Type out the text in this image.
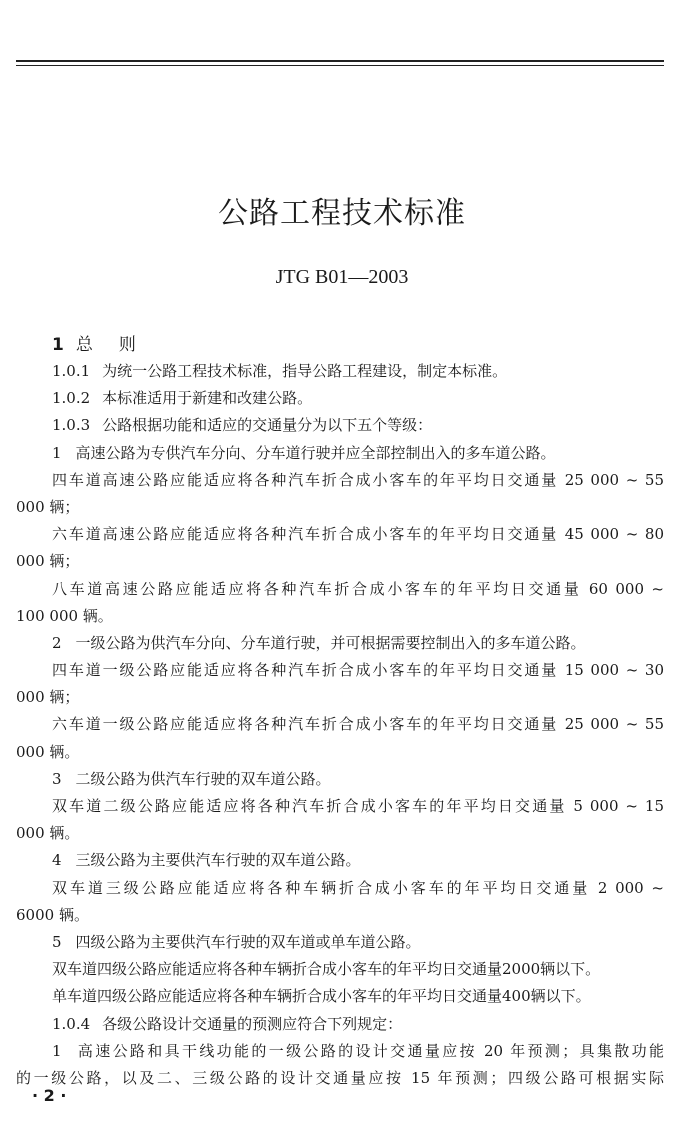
公路工程技术标准
JTG B01—2003
1 总则
1.0.1 为统一公路工程技术标准，指导公路工程建设，制定本标准。
1.0.2 本标准适用于新建和改建公路。
1.0.3 公路根据功能和适应的交通量分为以下五个等级：
1 高速公路为专供汽车分向、分车道行驶并应全部控制出入的多车道公路。
四车道高速公路应能适应将各种汽车折合成小客车的年平均日交通量 25 000 ~ 55
000 辆；
六车道高速公路应能适应将各种汽车折合成小客车的年平均日交通量 45 000 ~ 80
000 辆；
八车道高速公路应能适应将各种汽车折合成小客车的年平均日交通量 60 000 ~
100 000 辆。
2 一级公路为供汽车分向、分车道行驶，并可根据需要控制出入的多车道公路。
四车道一级公路应能适应将各种汽车折合成小客车的年平均日交通量 15 000 ~ 30
000 辆；
六车道一级公路应能适应将各种汽车折合成小客车的年平均日交通量 25 000 ~ 55
000 辆。
3 二级公路为供汽车行驶的双车道公路。
双车道二级公路应能适应将各种汽车折合成小客车的年平均日交通量 5 000 ~ 15
000 辆。
4 三级公路为主要供汽车行驶的双车道公路。
双车道三级公路应能适应将各种车辆折合成小客车的年平均日交通量 2 000 ~
6000 辆。
5 四级公路为主要供汽车行驶的双车道或单车道公路。
双车道四级公路应能适应将各种车辆折合成小客车的年平均日交通量2000辆以下。
单车道四级公路应能适应将各种车辆折合成小客车的年平均日交通量400辆以下。
1.0.4 各级公路设计交通量的预测应符合下列规定：
1 高速公路和具干线功能的一级公路的设计交通量应按 20 年预测；具集散功能
的一级公路，以及二、三级公路的设计交通量应按 15 年预测；四级公路可根据实际
· 2 ·
